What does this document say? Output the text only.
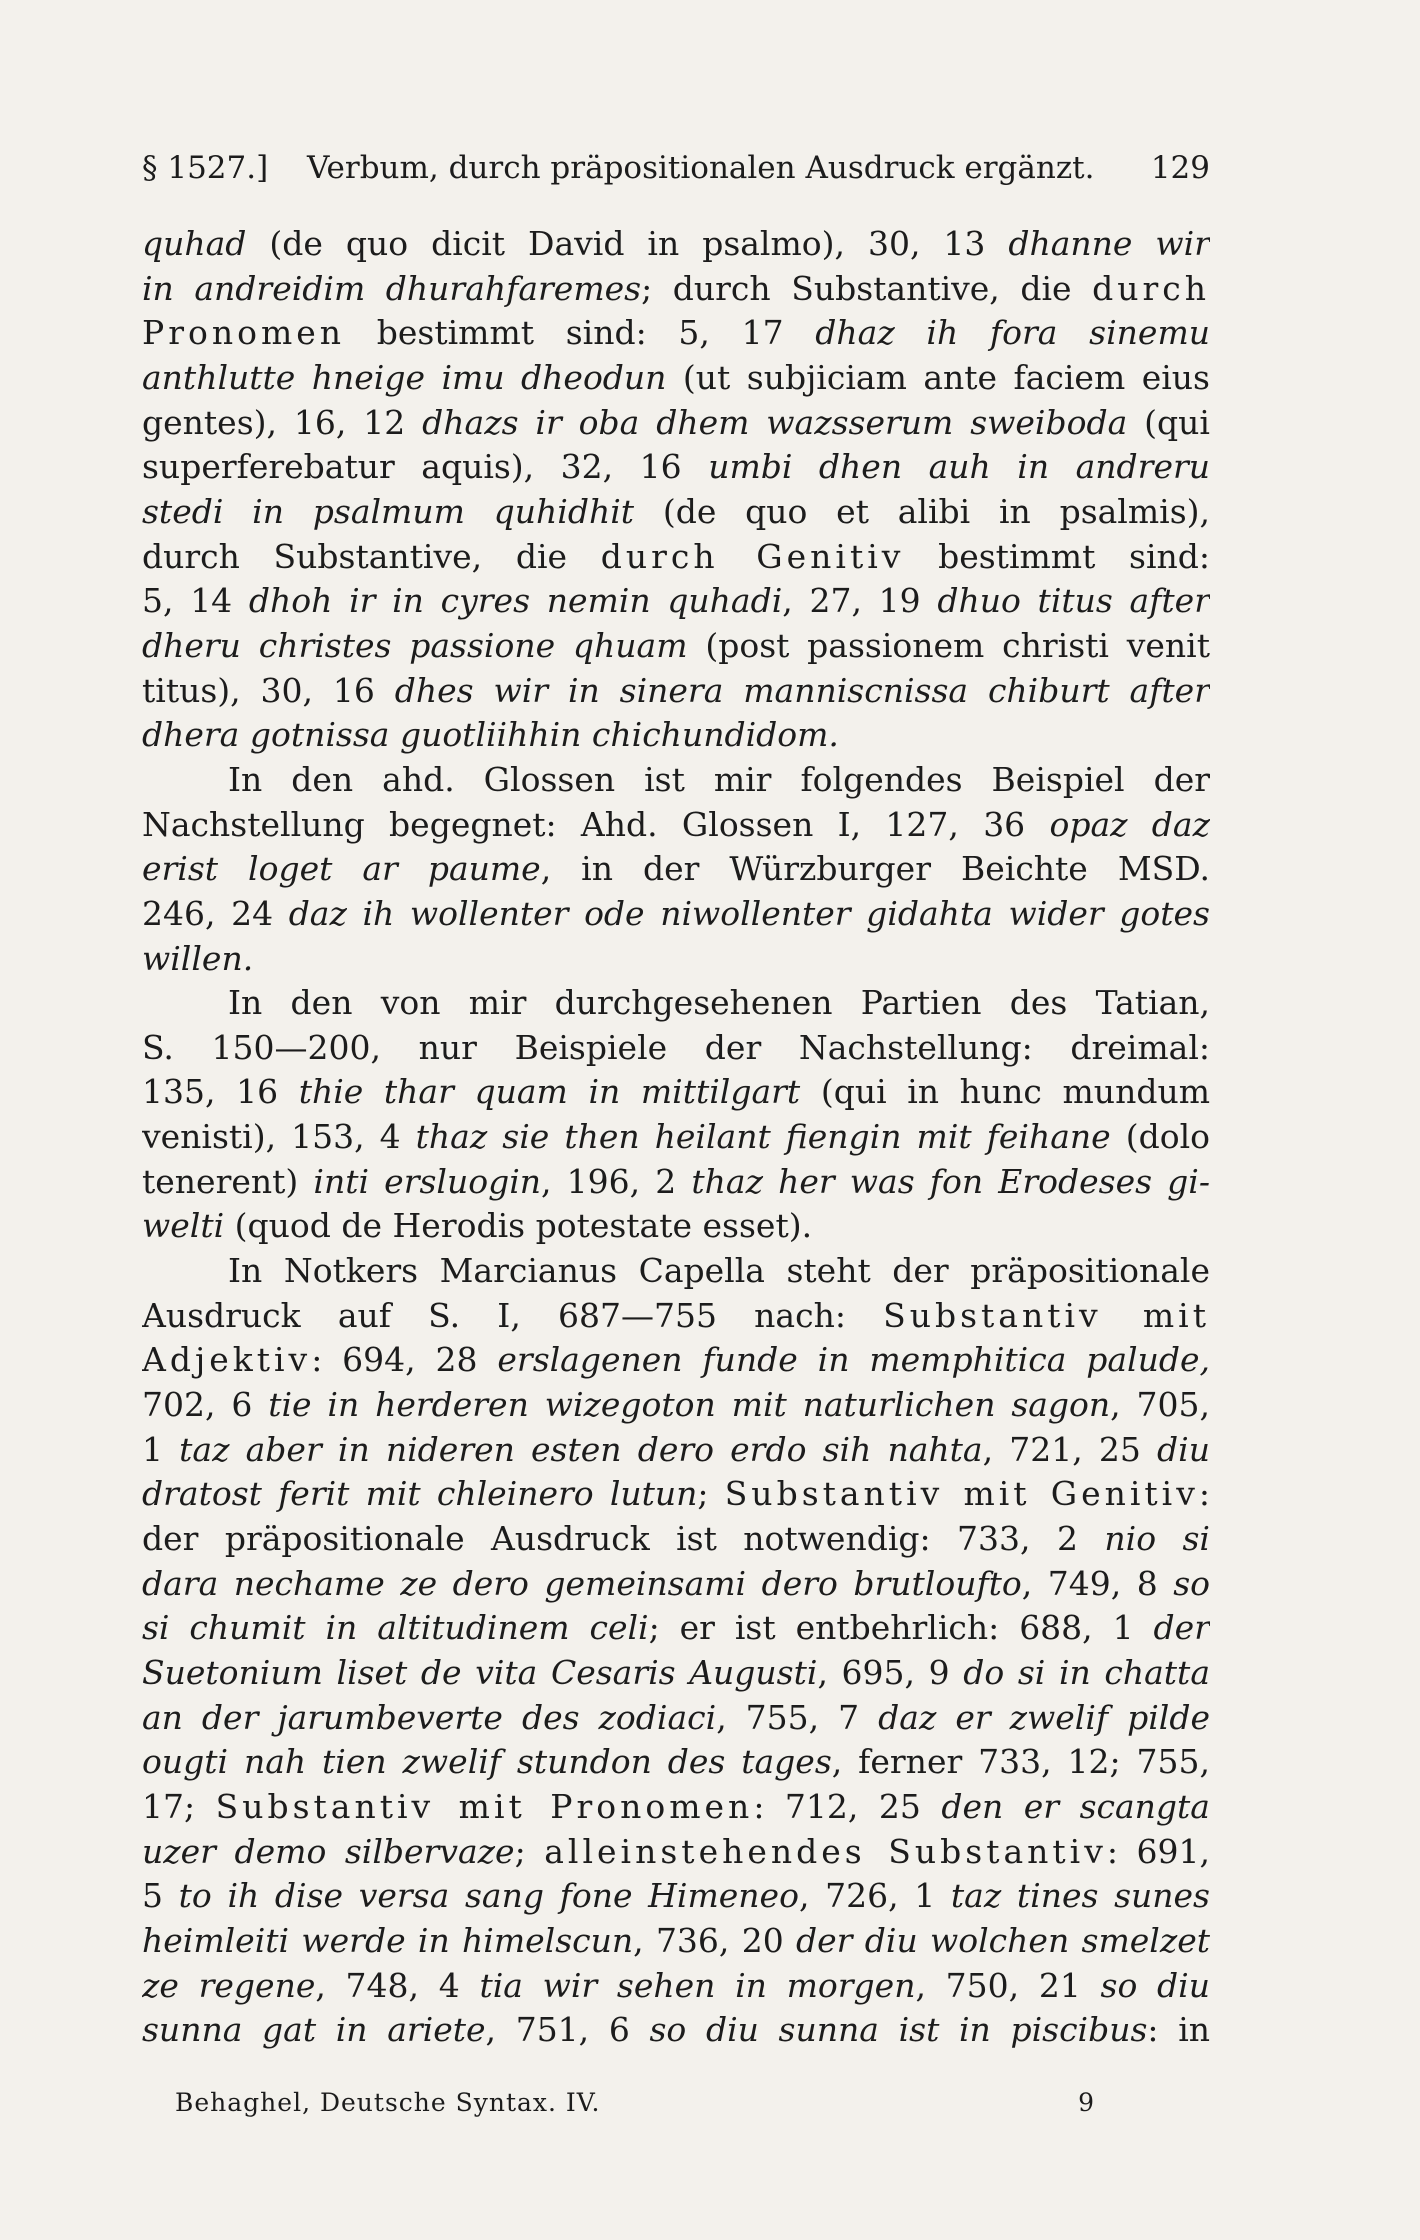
§ 1527.] Verbum, durch präpositionalen Ausdruck ergänzt. 129
quhad (de quo dicit David in psalmo), 30, 13 dhanne wir
in andreidim dhurahfaremes; durch Substantive, die durch
Pronomen bestimmt sind: 5, 17 dhaz ih fora sinemu
anthlutte hneige imu dheodun (ut subjiciam ante faciem eius
gentes), 16, 12 dhazs ir oba dhem wazsserum sweiboda (qui
superferebatur aquis), 32, 16 umbi dhen auh in andreru
stedi in psalmum quhidhit (de quo et alibi in psalmis),
durch Substantive, die durch Genitiv bestimmt sind:
5, 14 dhoh ir in cyres nemin quhadi, 27, 19 dhuo titus after
dheru christes passione qhuam (post passionem christi venit
titus), 30, 16 dhes wir in sinera manniscnissa chiburt after
dhera gotnissa guotliihhin chichundidom.
In den ahd. Glossen ist mir folgendes Beispiel der
Nachstellung begegnet: Ahd. Glossen I, 127, 36 opaz daz
erist loget ar paume, in der Würzburger Beichte MSD.
246, 24 daz ih wollenter ode niwollenter gidahta wider gotes
willen.
In den von mir durchgesehenen Partien des Tatian,
S. 150—200, nur Beispiele der Nachstellung: dreimal:
135, 16 thie thar quam in mittilgart (qui in hunc mundum
venisti), 153, 4 thaz sie then heilant fiengin mit feihane (dolo
tenerent) inti ersluogin, 196, 2 thaz her was fon Erodeses gi-
welti (quod de Herodis potestate esset).
In Notkers Marcianus Capella steht der präpositionale
Ausdruck auf S. I, 687—755 nach: Substantiv mit
Adjektiv: 694, 28 erslagenen funde in memphitica palude,
702, 6 tie in herderen wizegoton mit naturlichen sagon, 705,
1 taz aber in nideren esten dero erdo sih nahta, 721, 25 diu
dratost ferit mit chleinero lutun; Substantiv mit Genitiv:
der präpositionale Ausdruck ist notwendig: 733, 2 nio si
dara nechame ze dero gemeinsami dero brutloufto, 749, 8 so
si chumit in altitudinem celi; er ist entbehrlich: 688, 1 der
Suetonium liset de vita Cesaris Augusti, 695, 9 do si in chatta
an der jarumbeverte des zodiaci, 755, 7 daz er zwelif pilde
ougti nah tien zwelif stundon des tages, ferner 733, 12; 755,
17; Substantiv mit Pronomen: 712, 25 den er scangta
uzer demo silbervaze; alleinstehendes Substantiv: 691,
5 to ih dise versa sang fone Himeneo, 726, 1 taz tines sunes
heimleiti werde in himelscun, 736, 20 der diu wolchen smelzet
ze regene, 748, 4 tia wir sehen in morgen, 750, 21 so diu
sunna gat in ariete, 751, 6 so diu sunna ist in piscibus: in
Behaghel, Deutsche Syntax. IV.	9
